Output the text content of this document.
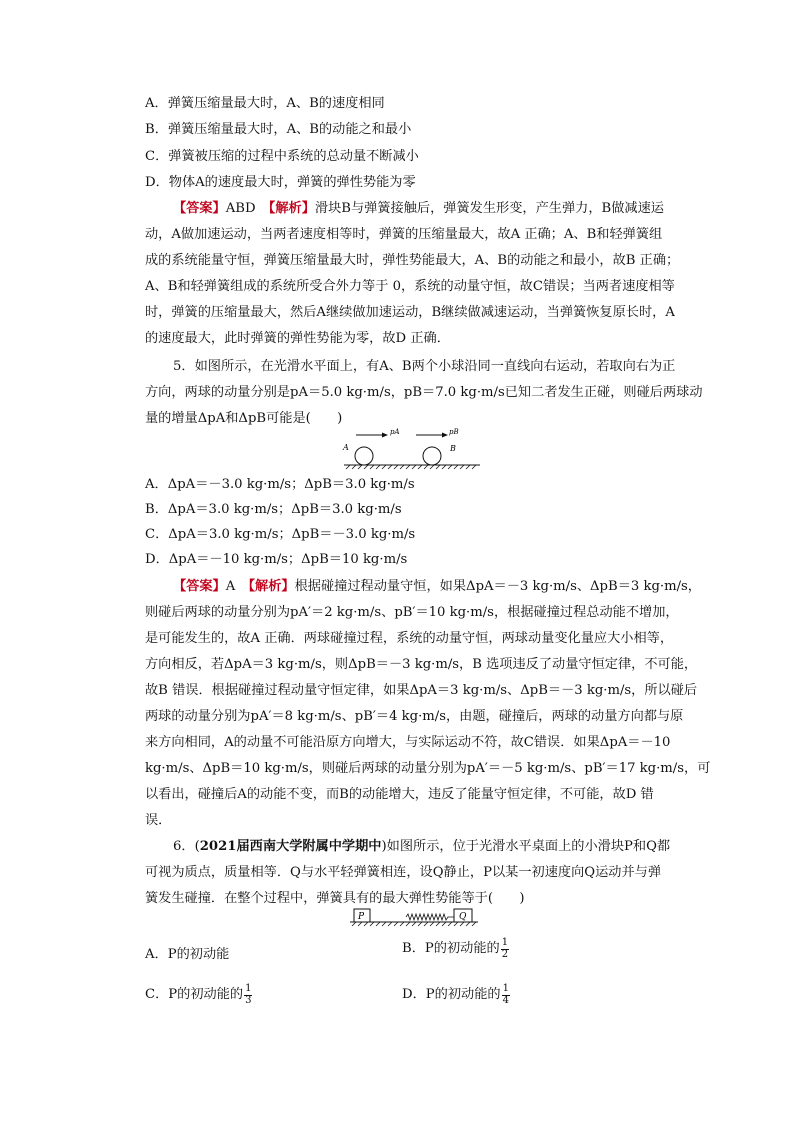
A．弹簧压缩量最大时，A、B的速度相同
B．弹簧压缩量最大时，A、B的动能之和最小
C．弹簧被压缩的过程中系统的总动量不断减小
D．物体A的速度最大时，弹簧的弹性势能为零
【答案】ABD　 【解析】滑块B与弹簧接触后，弹簧发生形变，产生弹力，B做减速运
动，A做加速运动，当两者速度相等时，弹簧的压缩量最大，故A 正确；A、B和轻弹簧组
成的系统能量守恒，弹簧压缩量最大时，弹性势能最大，A、B的动能之和最小，故B 正确；
A、B和轻弹簧组成的系统所受合外力等于 0，系统的动量守恒，故C错误；当两者速度相等
时，弹簧的压缩量最大，然后A继续做加速运动，B继续做减速运动，当弹簧恢复原长时，A
的速度最大，此时弹簧的弹性势能为零，故D 正确．
5．如图所示，在光滑水平面上，有A、B两个小球沿同一直线向右运动，若取向右为正
方向，两球的动量分别是pA＝5.0 kg·m/s，pB＝7.0 kg·m/s已知二者发生正碰，则碰后两球动
量的增量ΔpA和ΔpB可能是(　　)
A	B
pA	pB
A．ΔpA＝－3.0 kg·m/s；ΔpB＝3.0 kg·m/s
B．ΔpA＝3.0 kg·m/s；ΔpB＝3.0 kg·m/s
C．ΔpA＝3.0 kg·m/s；ΔpB＝－3.0 kg·m/s
D．ΔpA＝－10 kg·m/s；ΔpB＝10 kg·m/s
【答案】A　 【解析】根据碰撞过程动量守恒，如果ΔpA＝－3 kg·m/s、ΔpB＝3 kg·m/s，
则碰后两球的动量分别为pA′＝2 kg·m/s、pB′＝10 kg·m/s，根据碰撞过程总动能不增加，
是可能发生的，故A 正确．两球碰撞过程，系统的动量守恒，两球动量变化量应大小相等，
方向相反，若ΔpA＝3 kg·m/s，则ΔpB＝－3 kg·m/s，B 选项违反了动量守恒定律，不可能，
故B 错误．根据碰撞过程动量守恒定律，如果ΔpA＝3 kg·m/s、ΔpB＝－3 kg·m/s，所以碰后
两球的动量分别为pA′＝8 kg·m/s、pB′＝4 kg·m/s，由题，碰撞后，两球的动量方向都与原
来方向相同，A的动量不可能沿原方向增大，与实际运动不符，故C错误．如果ΔpA＝－10
kg·m/s、ΔpB＝10 kg·m/s，则碰后两球的动量分别为pA′＝－5 kg·m/s、pB′＝17 kg·m/s，可
以看出，碰撞后A的动能不变，而B的动能增大，违反了能量守恒定律，不可能，故D 错
误．
6．(2021届西南大学附属中学期中)如图所示，位于光滑水平桌面上的小滑块P和Q都
可视为质点，质量相等．Q与水平轻弹簧相连，设Q静止，P以某一初速度向Q运动并与弹
簧发生碰撞．在整个过程中，弹簧具有的最大弹性势能等于(　　)
P	Q
A．P的初动能	B．P的初动能的 $\frac{1}{2}$
C．P的初动能的 $\frac{1}{3}$	D．P的初动能的 $\frac{1}{4}$
